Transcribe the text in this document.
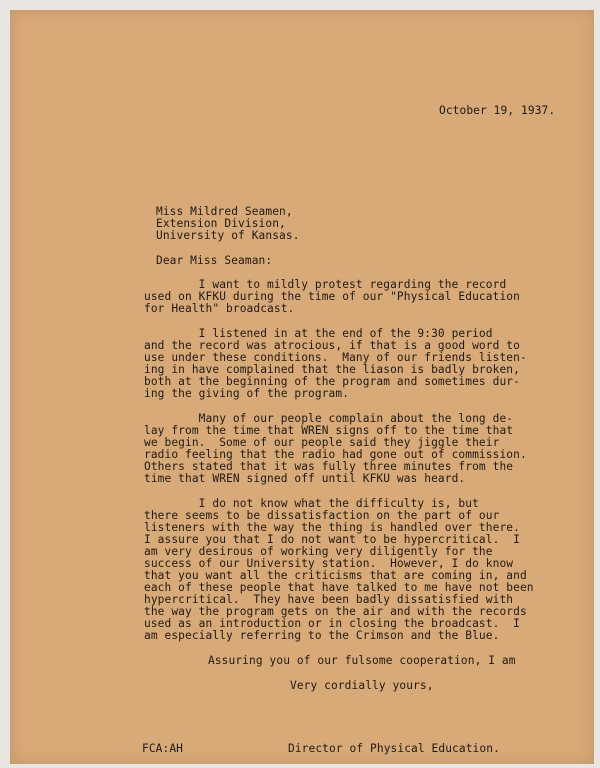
October 19, 1937.
Miss Mildred Seamen,
Extension Division,
University of Kansas.
Dear Miss Seaman:
I want to mildly protest regarding the record
used on KFKU during the time of our "Physical Education
for Health" broadcast.
I listened in at the end of the 9:30 period
and the record was atrocious, if that is a good word to
use under these conditions.  Many of our friends listen-
ing in have complained that the liason is badly broken,
both at the beginning of the program and sometimes dur-
ing the giving of the program.
Many of our people complain about the long de-
lay from the time that WREN signs off to the time that
we begin.  Some of our people said they jiggle their
radio feeling that the radio had gone out of commission.
Others stated that it was fully three minutes from the
time that WREN signed off until KFKU was heard.
I do not know what the difficulty is, but
there seems to be dissatisfaction on the part of our
listeners with the way the thing is handled over there.
I assure you that I do not want to be hypercritical.  I
am very desirous of working very diligently for the
success of our University station.  However, I do know
that you want all the criticisms that are coming in, and
each of these people that have talked to me have not been
hypercritical.  They have been badly dissatisfied with
the way the program gets on the air and with the records
used as an introduction or in closing the broadcast.  I
am especially referring to the Crimson and the Blue.
Assuring you of our fulsome cooperation, I am
Very cordially yours,
FCA:AH	Director of Physical Education.
